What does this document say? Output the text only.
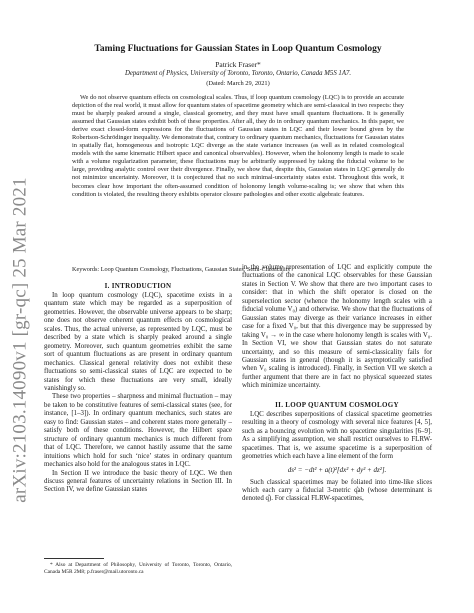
arXiv:2103.14090v1 [gr-qc] 25 Mar 2021
Taming Fluctuations for Gaussian States in Loop Quantum Cosmology
Patrick Fraser*
Department of Physics, University of Toronto, Toronto, Ontario, Canada M5S 1A7.
(Dated: March 29, 2021)
We do not observe quantum effects on cosmological scales. Thus, if loop quantum cosmology (LQC) is to provide an accurate depiction of the real world, it must allow for quantum states of spacetime geometry which are semi-classical in two respects: they must be sharply peaked around a single, classical geometry, and they must have small quantum fluctuations. It is generally assumed that Gaussian states exhibit both of these properties. After all, they do in ordinary quantum mechanics. In this paper, we derive exact closed-form expressions for the fluctuations of Gaussian states in LQC and their lower bound given by the Robertson-Schrödinger inequality. We demonstrate that, contrary to ordinary quantum mechanics, fluctuations for Gaussian states in spatially flat, homogeneous and isotropic LQC diverge as the state variance increases (as well as in related cosmological models with the same kinematic Hilbert space and canonical observables). However, when the holonomy length is made to scale with a volume regularization parameter, these fluctuations may be arbitrarily suppressed by taking the fiducial volume to be large, providing analytic control over their divergence. Finally, we show that, despite this, Gaussian states in LQC generally do not minimize uncertainty. Moreover, it is conjectured that no such minimal-uncertainty states exist. Throughout this work, it becomes clear how important the often-assumed condition of holonomy length volume-scaling is; we show that when this condition is violated, the resulting theory exhibits operator closure pathologies and other exotic algebraic features.
Keywords: Loop Quantum Cosmology, Fluctuations, Gaussian States, Semi-Classicality
I. INTRODUCTION

In loop quantum cosmology (LQC), spacetime exists in a quantum state which may be regarded as a superposition of geometries. However, the observable universe appears to be sharp; one does not observe coherent quantum effects on cosmological scales. Thus, the actual universe, as represented by LQC, must be described by a state which is sharply peaked around a single geometry. Moreover, such quantum geometries exhibit the same sort of quantum fluctuations as are present in ordinary quantum mechanics. Classical general relativity does not exhibit these fluctuations so semi-classical states of LQC are expected to be states for which these fluctuations are very small, ideally vanishingly so.

These two properties – sharpness and minimal fluctuation – may be taken to be constitutive features of semi-classical states (see, for instance, [1–3]). In ordinary quantum mechanics, such states are easy to find: Gaussian states – and coherent states more generally – satisfy both of these conditions. However, the Hilbert space structure of ordinary quantum mechanics is much different from that of LQC. Therefore, we cannot hastily assume that the same intuitions which hold for such ‘nice’ states in ordinary quantum mechanics also hold for the analogous states in LQC.

In Section II we introduce the basic theory of LQC. We then discuss general features of uncertainty relations in Section III. In Section IV, we define Gaussian states

* Also at Department of Philosophy, University of Toronto, Toronto, Ontario, Canada M5R 2M8; p.fraser@mail.utoronto.ca

in the volume representation of LQC and explicitly compute the fluctuations of the canonical LQC observables for these Gaussian states in Section V. We show that there are two important cases to consider: that in which the shift operator is closed on the superselection sector (whence the holonomy length scales with a fiducial volume V₀) and otherwise. We show that the fluctuations of Gaussian states may diverge as their variance increases in either case for a fixed V₀, but that this divergence may be suppressed by taking V₀ → ∞ in the case where holonomy length is scales with V₀. In Section VI, we show that Gaussian states do not saturate uncertainty, and so this measure of semi-classicality fails for Gaussian states in general (though it is asymptotically satisfied when V₀ scaling is introduced). Finally, in Section VII we sketch a further argument that there are in fact no physical squeezed states which minimize uncertainty.

II. LOOP QUANTUM COSMOLOGY

LQC describes superpositions of classical spacetime geometries resulting in a theory of cosmology with several nice features [4, 5], such as a bouncing evolution with no spacetime singularities [6–9]. As a simplifying assumption, we shall restrict ourselves to FLRW-spacetimes. That is, we assume spacetime is a superposition of geometries which each have a line element of the form

ds² = −dt² + a(t)²[dx² + dy² + dz²].

Such classical spacetimes may be foliated into time-like slices which each carry a fiducial 3-metric q̊ab (whose determinant is denoted q̊). For classical FLRW-spacetimes,
